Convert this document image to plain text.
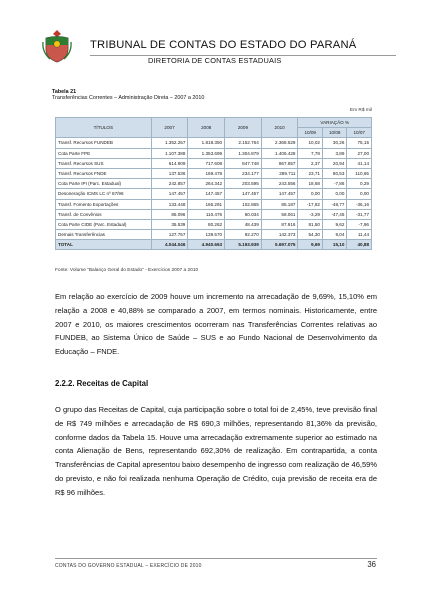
TRIBUNAL DE CONTAS DO ESTADO DO PARANÁ
DIRETORIA DE CONTAS ESTADUAIS
Tabela 21
Transferências Correntes – Administração Direta – 2007 a 2010
Em R$ mil
TÍTULOS	2007	2008	2009	2010	VARIAÇÃO %		
					10/09	10/08	10/07
Transf. Recursos FUNDEB	1.352.257	1.818.350	2.152.764	2.368.529	10,02	30,26	75,15
Cota Parte FPE	1.107.388	1.353.699	1.304.879	1.406.428	7,78	3,89	27,00
Transf. Recursos SUS	614.909	717.608	847.748	867.857	2,37	20,94	41,14
Transf. Recursos FNDE	137.536	169.478	234.177	289.711	23,71	80,53	110,65
Cota Parte IPI (Parc. Estadual)	242.857	264.342	203.595	243.556	18,68	-7,86	0,29
Desoneração ICMS LC nº 87/96	147.457	147.457	147.457	147.457	0,00	0,00	0,00
Transf. Fomento Exportações	133.448	166.291	102.865	85.187	-17,82	-48,77	-36,16
Transf. de Convênios	85.096	110.476	60.034	58.061	-3,29	-47,45	-31,77
Cota Parte CIDE (Parc. Estadual)	35.539	80.262	48.439	87.916	81,50	9,62	-7,96
Demais Transferências	127.757	139.570	92.270	142.373	54,30	9,04	11,44
TOTAL	4.044.046	4.940.663	5.193.939	5.697.075	9,69	15,10	40,88
Fonte: Volume “Balanço Geral do Estado” - Exercícios 2007 a 2010
Em relação ao exercício de 2009 houve um incremento na arrecadação de 9,69%, 15,10% em relação a 2008 e 40,88% se comparado a 2007, em termos nominais. Historicamente, entre 2007 e 2010, os maiores crescimentos ocorreram nas Transferências Correntes relativas ao FUNDEB, ao Sistema Único de Saúde – SUS e ao Fundo Nacional de Desenvolvimento da Educação – FNDE.
2.2.2. Receitas de Capital
O grupo das Receitas de Capital, cuja participação sobre o total foi de 2,45%, teve previsão final de R$ 749 milhões e arrecadação de R$ 690,3 milhões, representando 81,36% da previsão, conforme dados da Tabela 15. Houve uma arrecadação extremamente superior ao estimado na conta Alienação de Bens, representando 692,30% de realização. Em contrapartida, a conta Transferências de Capital apresentou baixo desempenho de ingresso com realização de 46,59% do previsto, e não foi realizada nenhuma Operação de Crédito, cuja previsão de receita era de R$ 96 milhões.
CONTAS DO GOVERNO ESTADUAL – EXERCÍCIO DE 2010	36
